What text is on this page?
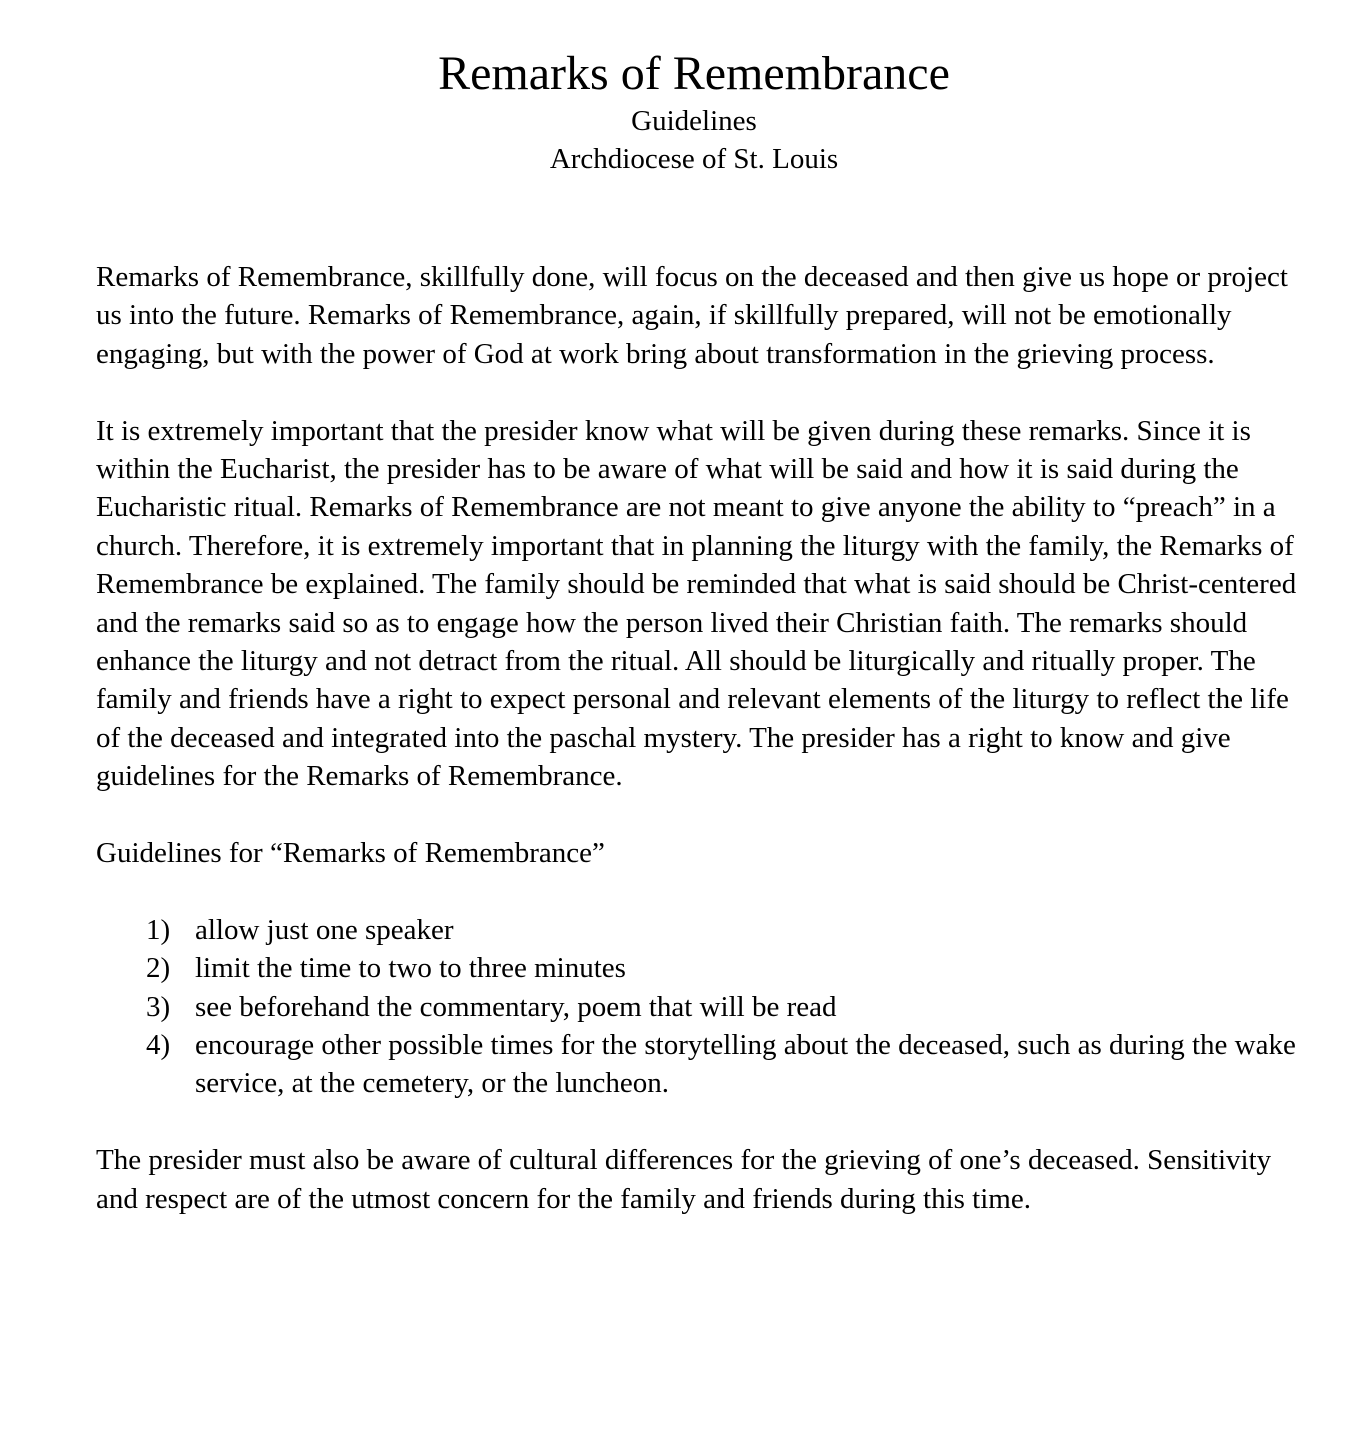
Remarks of Remembrance

Guidelines

Archdiocese of St. Louis

Remarks of Remembrance, skillfully done, will focus on the deceased and then give us hope or project us into the future. Remarks of Remembrance, again, if skillfully prepared, will not be emotionally engaging, but with the power of God at work bring about transformation in the grieving process.

It is extremely important that the presider know what will be given during these remarks. Since it is within the Eucharist, the presider has to be aware of what will be said and how it is said during the Eucharistic ritual. Remarks of Remembrance are not meant to give anyone the ability to “preach” in a church. Therefore, it is extremely important that in planning the liturgy with the family, the Remarks of Remembrance be explained. The family should be reminded that what is said should be Christ-centered and the remarks said so as to engage how the person lived their Christian faith. The remarks should enhance the liturgy and not detract from the ritual. All should be liturgically and ritually proper. The family and friends have a right to expect personal and relevant elements of the liturgy to reflect the life of the deceased and integrated into the paschal mystery. The presider has a right to know and give guidelines for the Remarks of Remembrance.

Guidelines for “Remarks of Remembrance”

1) allow just one speaker
2) limit the time to two to three minutes
3) see beforehand the commentary, poem that will be read
4) encourage other possible times for the storytelling about the deceased, such as during the wake service, at the cemetery, or the luncheon.

The presider must also be aware of cultural differences for the grieving of one’s deceased. Sensitivity and respect are of the utmost concern for the family and friends during this time.
